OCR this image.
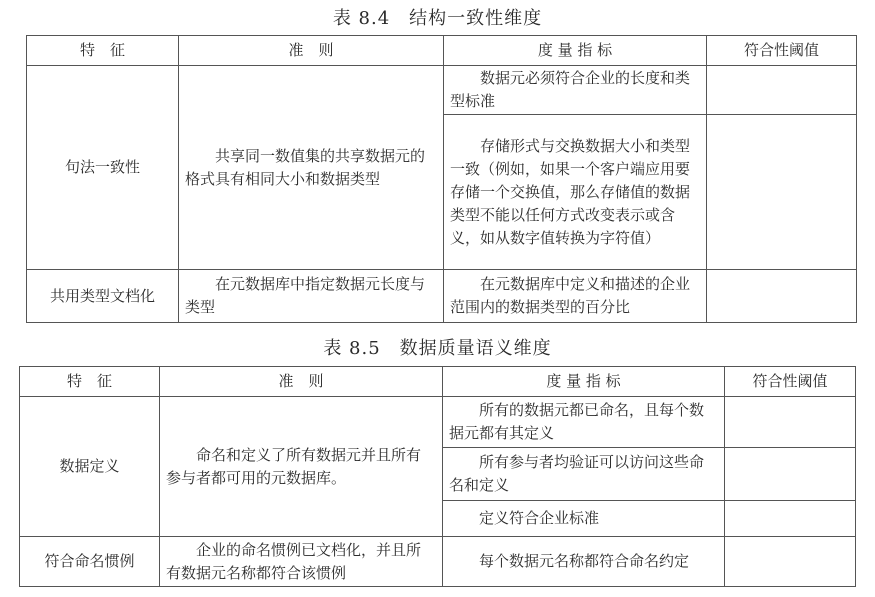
表 8.4　结构一致性维度
特　征	准　则	度 量 指 标	符合性阈值
句法一致性	共享同一数值集的共享数据元的格式具有相同大小和数据类型	数据元必须符合企业的长度和类型标准	
		存储形式与交换数据大小和类型一致（例如，如果一个客户端应用要存储一个交换值，那么存储值的数据类型不能以任何方式改变表示或含义，如从数字值转换为字符值）	
共用类型文档化	在元数据库中指定数据元长度与类型	在元数据库中定义和描述的企业范围内的数据类型的百分比	
表 8.5　数据质量语义维度
特　征	准　则	度 量 指 标	符合性阈值
数据定义	命名和定义了所有数据元并且所有参与者都可用的元数据库。	所有的数据元都已命名，且每个数据元都有其定义	
		所有参与者均验证可以访问这些命名和定义	
		定义符合企业标准	
符合命名惯例	企业的命名惯例已文档化，并且所有数据元名称都符合该惯例	每个数据元名称都符合命名约定	
